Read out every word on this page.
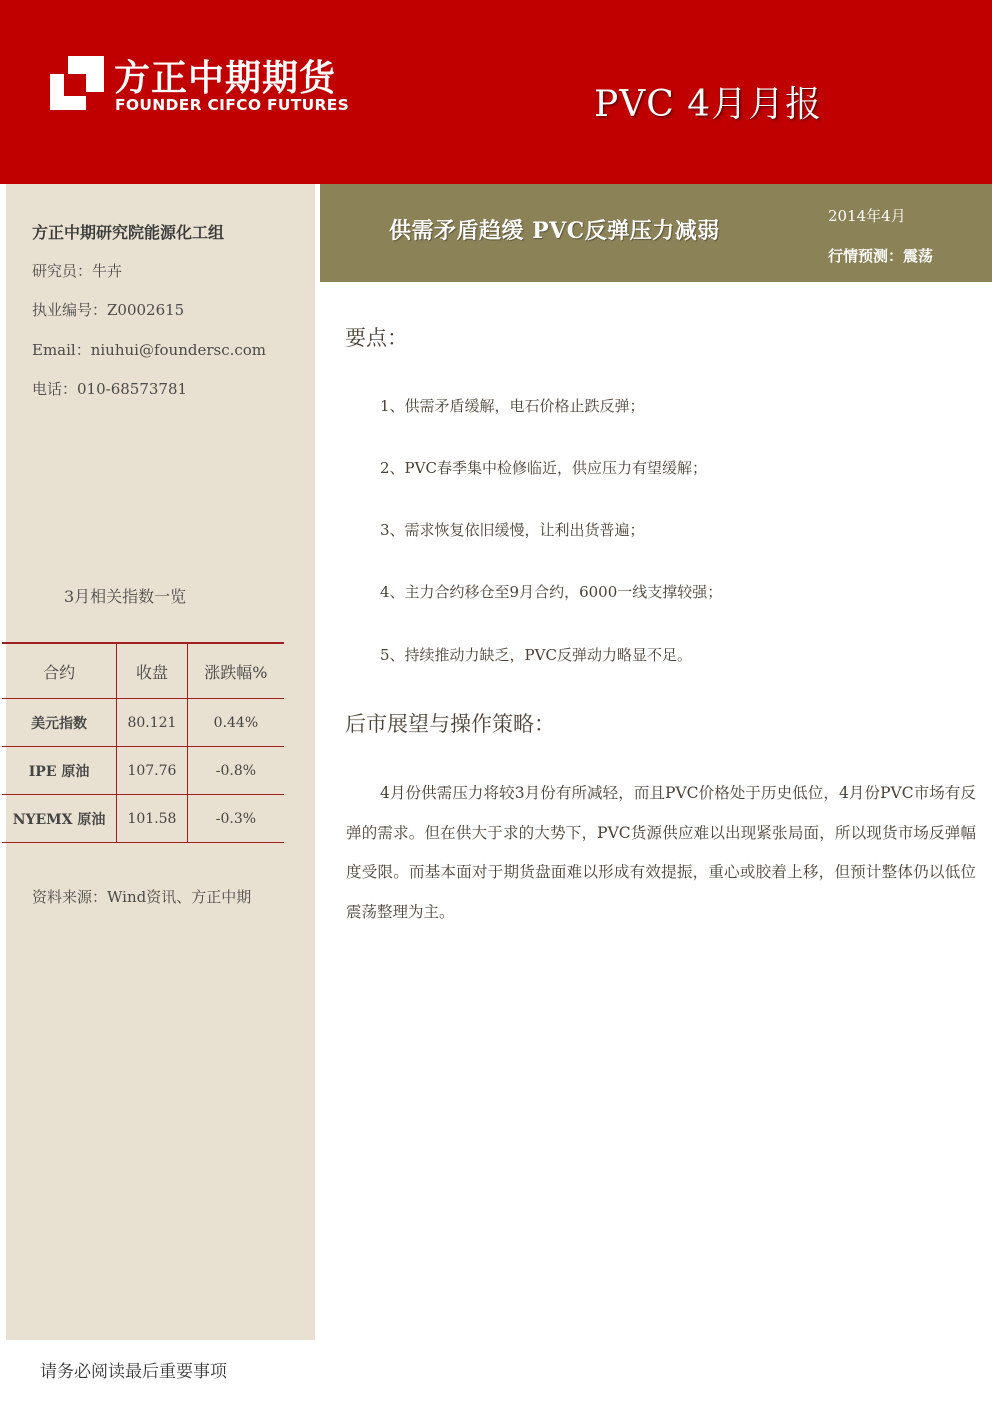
方正中期期货
FOUNDER CIFCO FUTURES	PVC 4月月报
方正中期研究院能源化工组
研究员：牛卉
执业编号：Z0002615
Email：niuhui@foundersc.com
电话：010-68573781
3月相关指数一览
合约	收盘	涨跌幅%
美元指数	80.121	0.44%
IPE 原油	107.76	-0.8%
NYEMX 原油	101.58	-0.3%
资料来源：Wind资讯、方正中期
供需矛盾趋缓 PVC反弹压力减弱
2014年4月
行情预测：震荡
要点：
1、供需矛盾缓解，电石价格止跌反弹；
2、PVC春季集中检修临近，供应压力有望缓解；
3、需求恢复依旧缓慢，让利出货普遍；
4、主力合约移仓至9月合约，6000一线支撑较强；
5、持续推动力缺乏，PVC反弹动力略显不足。
后市展望与操作策略：
4月份供需压力将较3月份有所减轻，而且PVC价格处于历史低位，4月份PVC市场有反弹的需求。但在供大于求的大势下，PVC货源供应难以出现紧张局面，所以现货市场反弹幅度受限。而基本面对于期货盘面难以形成有效提振，重心或胶着上移，但预计整体仍以低位震荡整理为主。
请务必阅读最后重要事项
